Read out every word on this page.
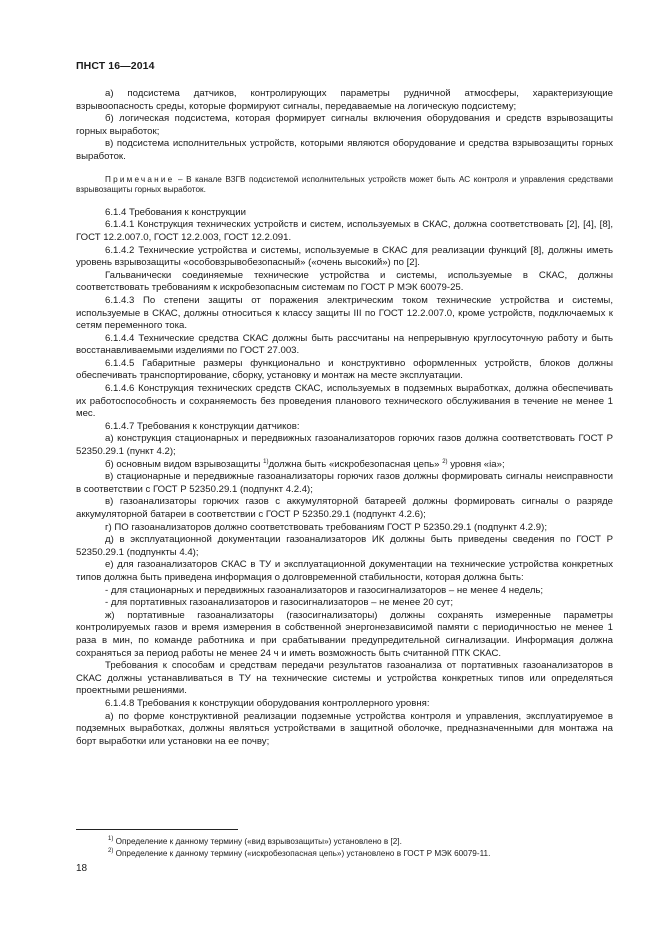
ПНСТ 16—2014

а) подсистема датчиков, контролирующих параметры рудничной атмосферы, характеризующие взрывоопасность среды, которые формируют сигналы, передаваемые на логическую подсистему;

б) логическая подсистема, которая формирует сигналы включения оборудования и средств взрывозащиты горных выработок;

в) подсистема исполнительных устройств, которыми являются оборудование и средства взрывозащиты горных выработок.

Примечание – В канале ВЗГВ подсистемой исполнительных устройств может быть АС контроля и управления средствами взрывозащиты горных выработок.

6.1.4 Требования к конструкции

6.1.4.1 Конструкция технических устройств и систем, используемых в СКАС, должна соответствовать [2], [4], [8], ГОСТ 12.2.007.0, ГОСТ 12.2.003, ГОСТ 12.2.091.

6.1.4.2 Технические устройства и системы, используемые в СКАС для реализации функций [8], должны иметь уровень взрывозащиты «особовзрывобезопасный» («очень высокий») по [2].

Гальванически соединяемые технические устройства и системы, используемые в СКАС, должны соответствовать требованиям к искробезопасным системам по ГОСТ Р МЭК 60079-25.

6.1.4.3 По степени защиты от поражения электрическим током технические устройства и системы, используемые в СКАС, должны относиться к классу защиты III по ГОСТ 12.2.007.0, кроме устройств, подключаемых к сетям переменного тока.

6.1.4.4 Технические средства СКАС должны быть рассчитаны на непрерывную круглосуточную работу и быть восстанавливаемыми изделиями по ГОСТ 27.003.

6.1.4.5 Габаритные размеры функционально и конструктивно оформленных устройств, блоков должны обеспечивать транспортирование, сборку, установку и монтаж на месте эксплуатации.

6.1.4.6 Конструкция технических средств СКАС, используемых в подземных выработках, должна обеспечивать их работоспособность и сохраняемость без проведения планового технического обслуживания в течение не менее 1 мес.

6.1.4.7 Требования к конструкции датчиков:

а) конструкция стационарных и передвижных газоанализаторов горючих газов должна соответствовать ГОСТ Р 52350.29.1 (пункт 4.2);

б) основным видом взрывозащиты $^{1)}$должна быть «искробезопасная цепь» $^{2)}$ уровня «ia»;

в) стационарные и передвижные газоанализаторы горючих газов должны формировать сигналы неисправности в соответствии с ГОСТ Р 52350.29.1 (подпункт 4.2.4);

в) газоанализаторы горючих газов с аккумуляторной батареей должны формировать сигналы о разряде аккумуляторной батареи в соответствии с ГОСТ Р 52350.29.1 (подпункт 4.2.6);

г) ПО газоанализаторов должно соответствовать требованиям ГОСТ Р 52350.29.1 (подпункт 4.2.9);

д) в эксплуатационной документации газоанализаторов ИК должны быть приведены сведения по ГОСТ Р 52350.29.1 (подпункты 4.4);

е) для газоанализаторов СКАС в ТУ и эксплуатационной документации на технические устройства конкретных типов должна быть приведена информация о долговременной стабильности, которая должна быть:

- для стационарных и передвижных газоанализаторов и газосигнализаторов – не менее 4 недель;

- для портативных газоанализаторов и газосигнализаторов – не менее 20 сут;

ж) портативные газоанализаторы (газосигнализаторы) должны сохранять измеренные параметры контролируемых газов и время измерения в собственной энергонезависимой памяти с периодичностью не менее 1 раза в мин, по команде работника и при срабатывании предупредительной сигнализации. Информация должна сохраняться за период работы не менее 24 ч и иметь возможность быть считанной ПТК СКАС.

Требования к способам и средствам передачи результатов газоанализа от портативных газоанализаторов в СКАС должны устанавливаться в ТУ на технические системы и устройства конкретных типов или определяться проектными решениями.

6.1.4.8 Требования к конструкции оборудования контроллерного уровня:

а) по форме конструктивной реализации подземные устройства контроля и управления, эксплуатируемое в подземных выработках, должны являться устройствами в защитной оболочке, предназначенными для монтажа на борт выработки или установки на ее почву;

$^{1)}$ Определение к данному термину («вид взрывозащиты») установлено в [2].

$^{2)}$ Определение к данному термину («искробезопасная цепь») установлено в ГОСТ Р МЭК 60079-11.

18
